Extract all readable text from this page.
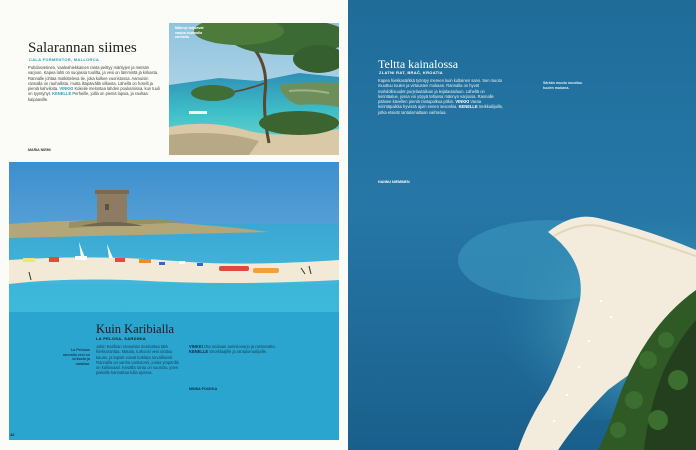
Salarannan siimes
CALA FORMENTOR, MALLORCA
Puhdasvetinen, vaaleahiekkainen ranta peittyy mäntyjen ja metsän varjoon. Kapea lahti on suojassa tuulilta, ja vesi on lämmintä ja kirkasta. Rannalle johtaa mutkitteleva tie, joka kulkee vuoristossa. Aamuisin rannalla on rauhallista, mutta iltapäivällä vilkasta. Lähellä on hotelli ja pieniä kahviloita. VINKKI Kokeile melontaa lahden poukamissa, kun tuuli on tyyntynyt. KENELLE Perheille, joilla on pieniä lapsia, ja rauhaa kaipaaville.
MARIA NIEMI
Männyt tarjoavat varjoa kuumalla rannalla.
Kuin Karibialla
LA PELOSA, SARDINIA
Jokin Karibian rannoista muistuttaa tätä hiekkarantaa. Matala, turkoosi vesi ulottuu kauas, ja lapset voivat kahlata turvallisesti. Rannalla on vanha vartiotorni, jonka ympärillä on kalliosaari. Kesällä ranta on suosittu, joten paikalle kannattaa tulla ajoissa.
VINKKI Ota mukaan aurinkovarjo ja rantamatto. KENELLE Snorklaajille ja rantalomailijoille.
MINNA POUKKA
La Pelosan rannalla vesi on kirkasta ja matalaa.
42
Teltta kainalossa
ZLATNI RAT, BRAČ, KROATIA
Kapea hiekkasärkkä työntyy mereen kuin kultainen sarvi. Sen muoto muuttuu tuulen ja virtausten mukaan. Rannalla on hyvät mahdollisuudet purjelautailuun ja leijalautailuun. Lähellä on leirintäalue, jossa voi yöpyä teltassa männyn varjossa. Rannalle pääsee kävellen pientä rantapolkua pitkin. VINKKI Varaa leirintäpaikka hyvissä ajoin ennen sesonkia. KENELLE Seikkailijoille, jotka etsivät rantalomaltaan vaihtelua.
HANNU NIEMINEN
Särkän muoto muuttuu tuulen mukana.
